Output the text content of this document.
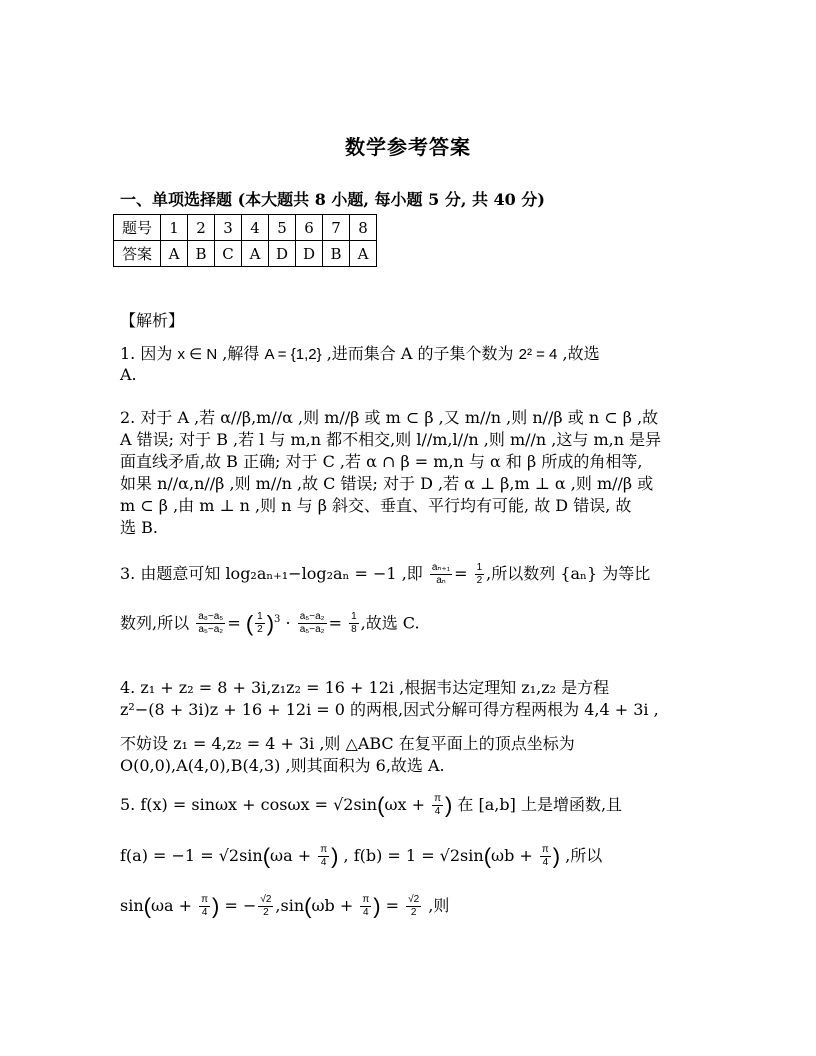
数学参考答案
一、单项选择题 (本大题共 8 小题, 每小题 5 分, 共 40 分)
题号	1	2	3	4	5	6	7	8
答案	A	B	C	A	D	D	B	A
【解析】
1. 因为 x ∈ N ,解得 A = {1,2} ,进而集合 A 的子集个数为 2² = 4 ,故选
A.
2. 对于 A ,若 α//β,m//α ,则 m//β 或 m ⊂ β ,又 m//n ,则 n//β 或 n ⊂ β ,故
A 错误; 对于 B ,若 l 与 m,n 都不相交,则 l//m,l//n ,则 m//n ,这与 m,n 是异
面直线矛盾,故 B 正确; 对于 C ,若 α ∩ β = m,n 与 α 和 β 所成的角相等,
如果 n//α,n//β ,则 m//n ,故 C 错误; 对于 D ,若 α ⊥ β,m ⊥ α ,则 m//β 或
m ⊂ β ,由 m ⊥ n ,则 n 与 β 斜交、垂直、平行均有可能, 故 D 错误, 故
选 B.
3. 由题意可知 log₂aₙ₊₁−log₂aₙ = −1 ,即 $\frac{\text{aₙ₊₁}}{\text{aₙ}} = \frac{1}{2}$ ,所以数列 {aₙ} 为等比
数列,所以 $\frac{\text{a₈−a₅}}{\text{a₅−a₂}}$ = ( $\frac{1}{2} )^3 \cdot \frac{\text{a₅−a₂}}{\text{a₅−a₂}} = \frac{1}{8}$ ,故选 C.
4. z₁ + z₂ = 8 + 3i,z₁z₂ = 16 + 12i ,根据韦达定理知 z₁,z₂ 是方程
z²−(8 + 3i)z + 16 + 12i = 0 的两根,因式分解可得方程两根为 4,4 + 3i ,
不妨设 z₁ = 4,z₂ = 4 + 3i ,则 △ABC 在复平面上的顶点坐标为
O(0,0),A(4,0),B(4,3) ,则其面积为 6,故选 A.
5. $f(x) = \sin\omega x + \cos\omega x = √2\sin(\omega x + \frac{\pi}{4}$ ) 在 [a,b] 上是增函数,且
$f(a) = -1 = √2\sin(\omega a + \frac{\pi}{4}$ ) , $f(b) = 1 = √2\sin(\omega b + \frac{\pi}{4}$ ) ,所以
$\sin(\omega a + \frac{\pi}{4}$ ) = − $\frac{√2}{2} ,\sin(\omega b + \frac{\pi}{4}$ ) = $\frac{√2}{2}$ ,则
